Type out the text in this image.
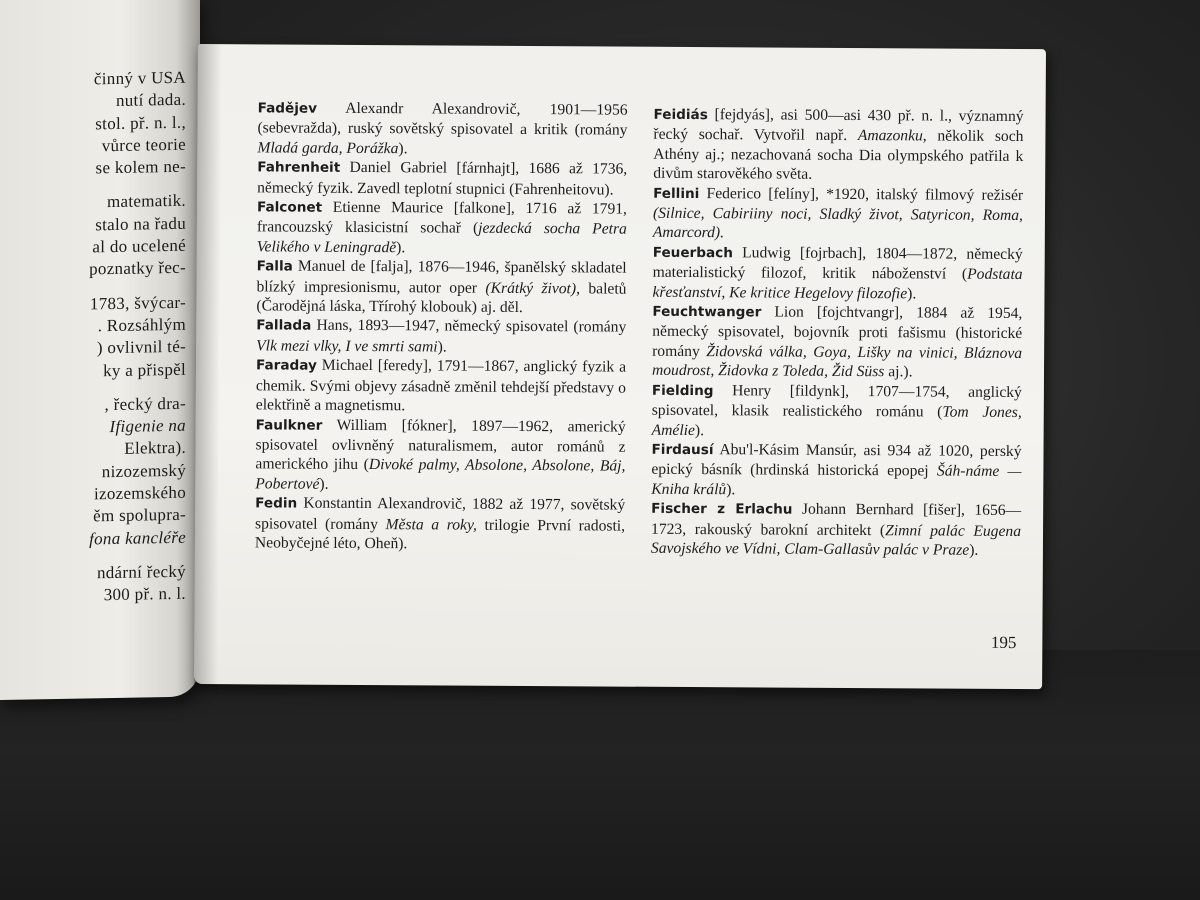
činný v USA
nutí dada.
stol. př. n. l.,
vůrce teorie
se kolem ne-
matematik.
stalo na řadu
al do ucelené
poznatky řec-
1783, švýcar-
. Rozsáhlým
) ovlivnil té-
ky a přispěl
, řecký dra-
Ifigenie na
Elektra).
nizozemský
izozemského
ěm spolupra-
fona kancléře
ndární řecký
300 př. n. l.
Fadějev Alexandr Alexandrovič, 1901—1956 (sebevražda), ruský sovětský spisovatel a kritik (romány Mladá garda, Porážka).
Fahrenheit Daniel Gabriel [fárnhajt], 1686 až 1736, německý fyzik. Zavedl teplotní stupnici (Fahrenheitovu).
Falconet Etienne Maurice [falkone], 1716 až 1791, francouzský klasicistní sochař (jezdecká socha Petra Velikého v Leningradě).
Falla Manuel de [falja], 1876—1946, španělský skladatel blízký impresionismu, autor oper (Krátký život), baletů (Čarodějná láska, Třírohý klobouk) aj. děl.
Fallada Hans, 1893—1947, německý spisovatel (romány Vlk mezi vlky, I ve smrti sami).
Faraday Michael [feredy], 1791—1867, anglický fyzik a chemik. Svými objevy zásadně změnil tehdejší představy o elektřině a magnetismu.
Faulkner William [fókner], 1897—1962, americký spisovatel ovlivněný naturalismem, autor románů z amerického jihu (Divoké palmy, Absolone, Absolone, Báj, Pobertové).
Fedin Konstantin Alexandrovič, 1882 až 1977, sovětský spisovatel (romány Města a roky, trilogie První radosti, Neobyčejné léto, Oheň).
Feidiás [fejdyás], asi 500—asi 430 př. n. l., významný řecký sochař. Vytvořil např. Amazonku, několik soch Athény aj.; nezachovaná socha Dia olympského patřila k divům starověkého světa.
Fellini Federico [felíny], *1920, italský filmový režisér (Silnice, Cabiriiny noci, Sladký život, Satyricon, Roma, Amarcord).
Feuerbach Ludwig [fojrbach], 1804—1872, německý materialistický filozof, kritik náboženství (Podstata křesťanství, Ke kritice Hegelovy filozofie).
Feuchtwanger Lion [fojchtvangr], 1884 až 1954, německý spisovatel, bojovník proti fašismu (historické romány Židovská válka, Goya, Lišky na vinici, Bláznova moudrost, Židovka z Toleda, Žid Süss aj.).
Fielding Henry [fildynk], 1707—1754, anglický spisovatel, klasik realistického románu (Tom Jones, Amélie).
Firdausí Abu'l-Kásim Mansúr, asi 934 až 1020, perský epický básník (hrdinská historická epopej Šáh-náme — Kniha králů).
Fischer z Erlachu Johann Bernhard [fišer], 1656—1723, rakouský barokní architekt (Zimní palác Eugena Savojského ve Vídni, Clam-Gallasův palác v Praze).
195
